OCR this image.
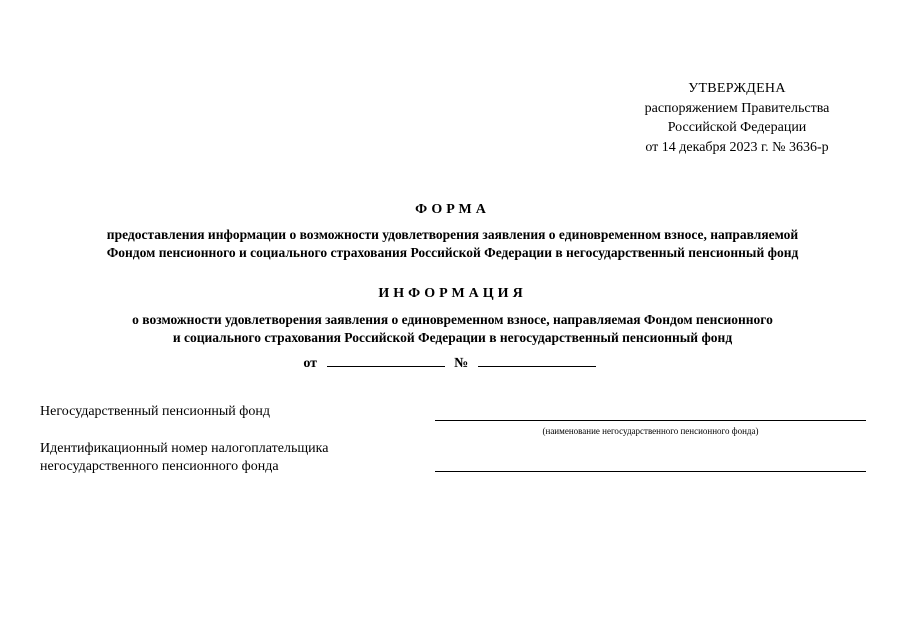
УТВЕРЖДЕНА
распоряжением Правительства
Российской Федерации
от 14 декабря 2023 г. № 3636-р
ФОРМА
предоставления информации о возможности удовлетворения заявления о единовременном взносе, направляемой
Фондом пенсионного и социального страхования Российской Федерации в негосударственный пенсионный фонд
ИНФОРМАЦИЯ
о возможности удовлетворения заявления о единовременном взносе, направляемая Фондом пенсионного
и социального страхования Российской Федерации в негосударственный пенсионный фонд
от	№
Негосударственный пенсионный фонд
(наименование негосударственного пенсионного фонда)
Идентификационный номер налогоплательщика
негосударственного пенсионного фонда
